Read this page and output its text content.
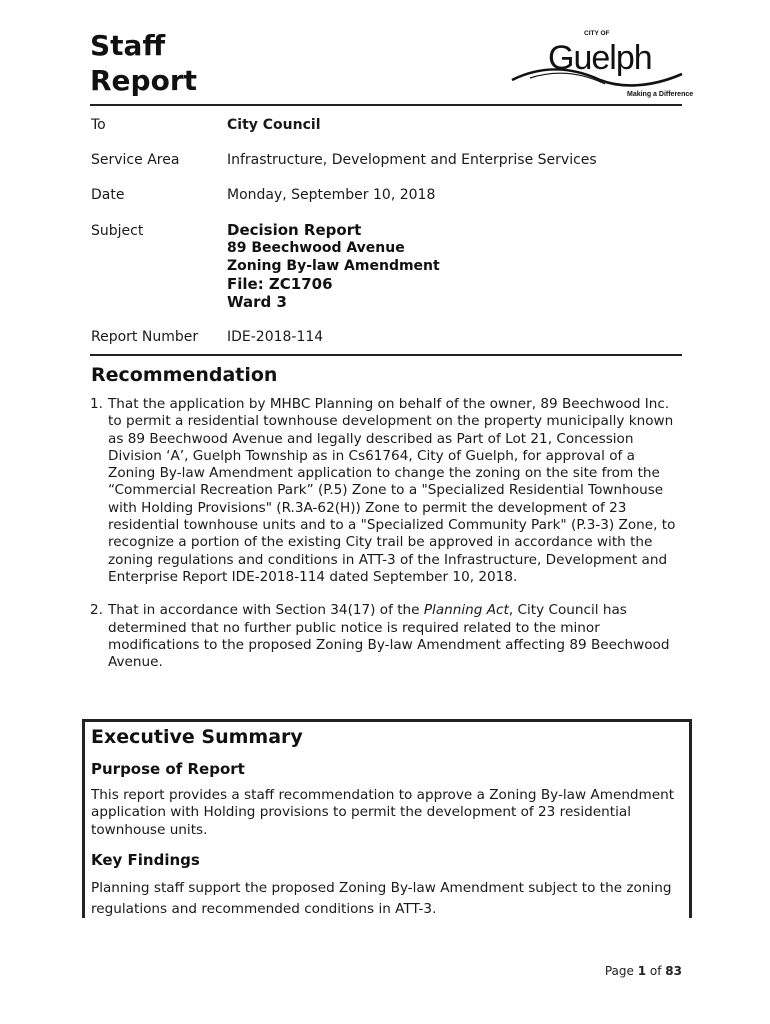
Staff
Report
CITY OF
Guelph
Making a Difference
To	City Council
Service Area	Infrastructure, Development and Enterprise Services
Date	Monday, September 10, 2018
Subject	Decision Report
89 Beechwood Avenue
Zoning By-law Amendment
File: ZC1706
Ward 3
Report Number IDE-2018-114
Recommendation
1. That the application by MHBC Planning on behalf of the owner, 89 Beechwood Inc. to permit a residential townhouse development on the property municipally known as 89 Beechwood Avenue and legally described as Part of Lot 21, Concession Division ‘A’, Guelph Township as in Cs61764, City of Guelph, for approval of a Zoning By-law Amendment application to change the zoning on the site from the “Commercial Recreation Park” (P.5) Zone to a "Specialized Residential Townhouse with Holding Provisions" (R.3A-62(H)) Zone to permit the development of 23 residential townhouse units and to a "Specialized Community Park" (P.3-3) Zone, to recognize a portion of the existing City trail be approved in accordance with the zoning regulations and conditions in ATT-3 of the Infrastructure, Development and Enterprise Report IDE-2018-114 dated September 10, 2018.
2. That in accordance with Section 34(17) of the Planning Act, City Council has determined that no further public notice is required related to the minor modifications to the proposed Zoning By-law Amendment affecting 89 Beechwood Avenue.
Executive Summary
Purpose of Report
This report provides a staff recommendation to approve a Zoning By-law Amendment application with Holding provisions to permit the development of 23 residential townhouse units.
Key Findings
Planning staff support the proposed Zoning By-law Amendment subject to the zoning regulations and recommended conditions in ATT-3.
Page 1 of 83
